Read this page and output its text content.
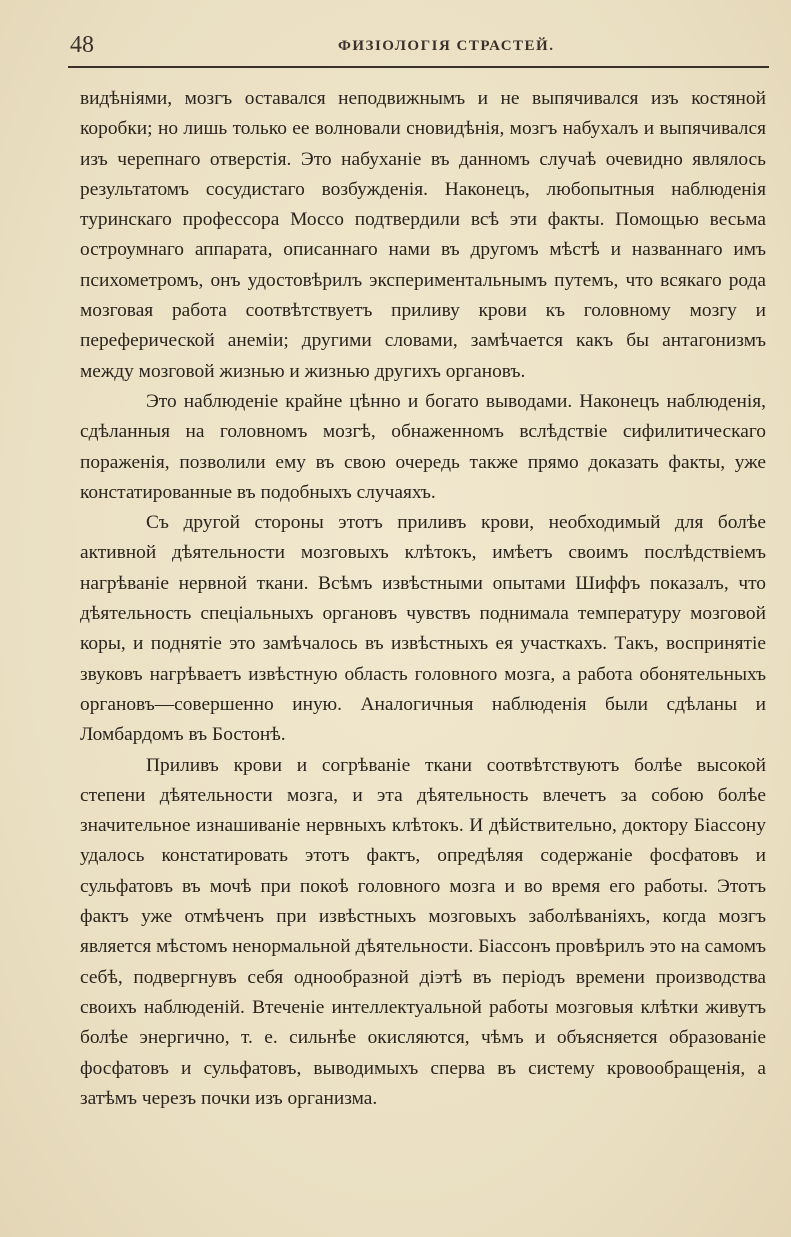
48	ФИЗІОЛОГІЯ СТРАСТЕЙ.

видѣніями, мозгъ оставался неподвижнымъ и не выпячивался изъ костяной коробки; но лишь только ее волновали сновидѣнія, мозгъ набухалъ и выпячивался изъ черепнаго отверстія. Это набуханіе въ данномъ случаѣ очевидно являлось результатомъ сосудистаго возбужденія. Наконецъ, любопытныя наблюденія туринскаго профессора Моссо подтвердили всѣ эти факты. Помощью весьма остроумнаго аппарата, описаннаго нами въ другомъ мѣстѣ и названнаго имъ психометромъ, онъ удостовѣрилъ экспериментальнымъ путемъ, что всякаго рода мозговая работа соотвѣтствуетъ приливу крови къ головному мозгу и переферической анеміи; другими словами, замѣчается какъ бы антагонизмъ между мозговой жизнью и жизнью другихъ органовъ.

Это наблюденіе крайне цѣнно и богато выводами. Наконецъ наблюденія, сдѣланныя на головномъ мозгѣ, обнаженномъ вслѣдствіе сифилитическаго пораженія, позволили ему въ свою очередь также прямо доказать факты, уже констатированные въ подобныхъ случаяхъ.

Съ другой стороны этотъ приливъ крови, необходимый для болѣе активной дѣятельности мозговыхъ клѣтокъ, имѣетъ своимъ послѣдствіемъ нагрѣваніе нервной ткани. Всѣмъ извѣстными опытами Шиффъ показалъ, что дѣятельность спеціальныхъ органовъ чувствъ поднимала температуру мозговой коры, и поднятіе это замѣчалось въ извѣстныхъ ея участкахъ. Такъ, воспринятіе звуковъ нагрѣваетъ извѣстную область головного мозга, а работа обонятельныхъ органовъ—совершенно иную. Аналогичныя наблюденія были сдѣланы и Ломбардомъ въ Бостонѣ.

Приливъ крови и согрѣваніе ткани соотвѣтствуютъ болѣе высокой степени дѣятельности мозга, и эта дѣятельность влечетъ за собою болѣе значительное изнашиваніе нервныхъ клѣтокъ. И дѣйствительно, доктору Біассону удалось констатировать этотъ фактъ, опредѣляя содержаніе фосфатовъ и сульфатовъ въ мочѣ при покоѣ головного мозга и во время его работы. Этотъ фактъ уже отмѣченъ при извѣстныхъ мозговыхъ заболѣваніяхъ, когда мозгъ является мѣстомъ ненормальной дѣятельности. Біассонъ провѣрилъ это на самомъ себѣ, подвергнувъ себя однообразной діэтѣ въ періодъ времени производства своихъ наблюденій. Втеченіе интеллектуальной работы мозговыя клѣтки живутъ болѣе энергично, т. е. сильнѣе окисляются, чѣмъ и объясняется образованіе фосфатовъ и сульфатовъ, выводимыхъ сперва въ систему кровообращенія, а затѣмъ черезъ почки изъ организма.
